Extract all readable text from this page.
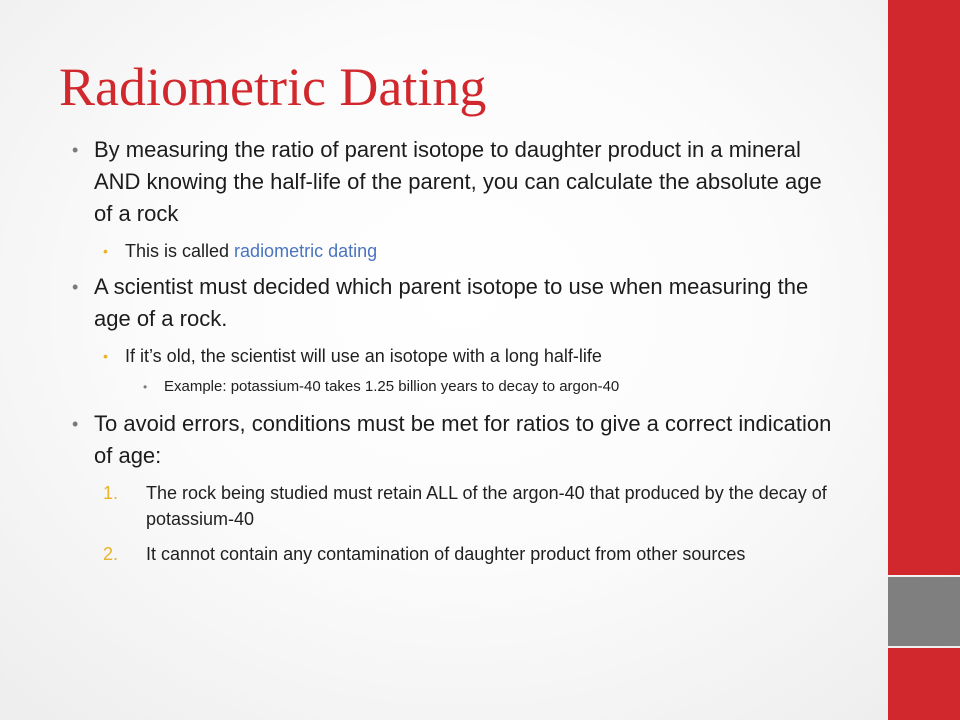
Radiometric Dating
• By measuring the ratio of parent isotope to daughter product in a mineral AND knowing the half-life of the parent, you can calculate the absolute age of a rock
• This is called radiometric dating
• A scientist must decided which parent isotope to use when measuring the age of a rock.
• If it’s old, the scientist will use an isotope with a long half-life
• Example: potassium-40 takes 1.25 billion years to decay to argon-40
• To avoid errors, conditions must be met for ratios to give a correct indication of age:
1. The rock being studied must retain ALL of the argon-40 that produced by the decay of potassium-40
2. It cannot contain any contamination of daughter product from other sources
